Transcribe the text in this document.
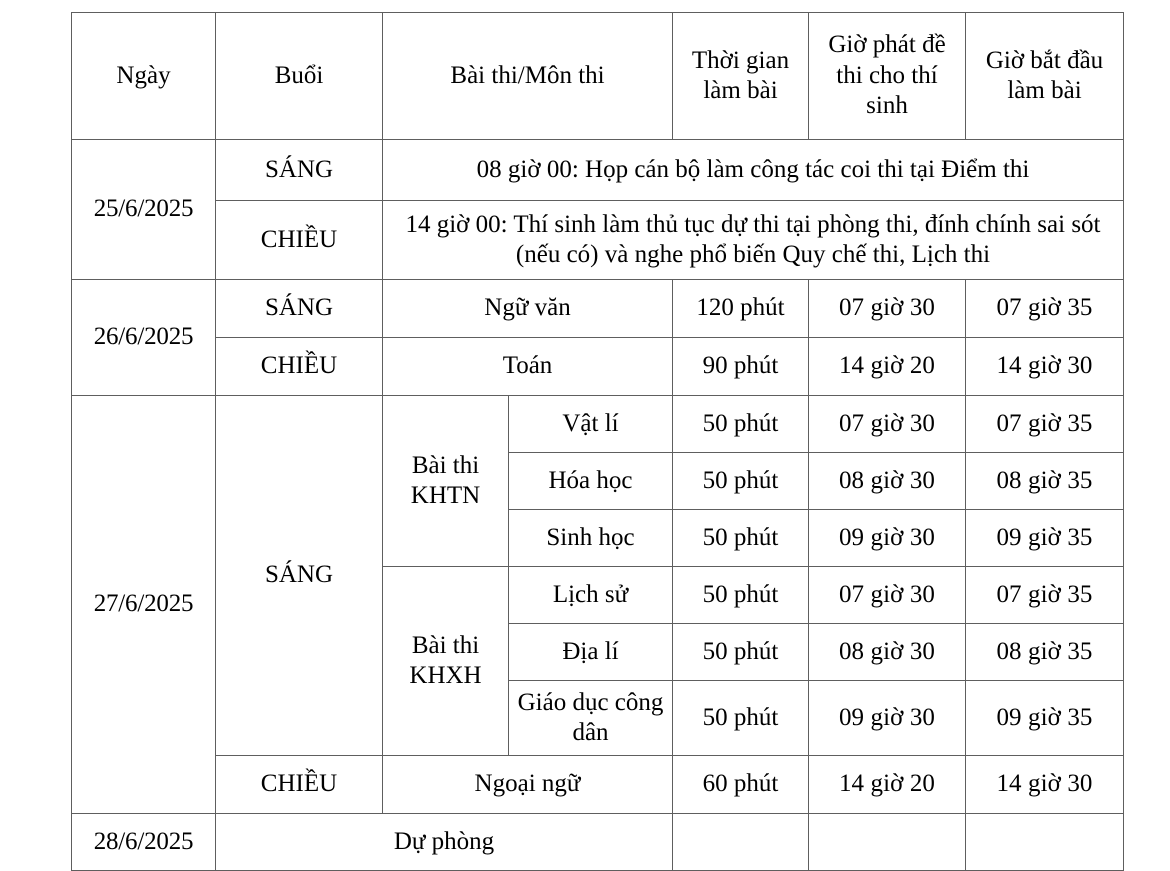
Ngày	Buổi	Bài thi/Môn thi		Thời gian làm bài	Giờ phát đề thi cho thí sinh	Giờ bắt đầu làm bài
25/6/2025	SÁNG	08 giờ 00: Họp cán bộ làm công tác coi thi tại Điểm thi				
	CHIỀU	14 giờ 00: Thí sinh làm thủ tục dự thi tại phòng thi, đính chính sai sót (nếu có) và nghe phổ biến Quy chế thi, Lịch thi				
26/6/2025	SÁNG	Ngữ văn		120 phút	07 giờ 30	07 giờ 35
	CHIỀU	Toán		90 phút	14 giờ 20	14 giờ 30
27/6/2025	SÁNG	Bài thi KHTN	Vật lí	50 phút	07 giờ 30	07 giờ 35
			Hóa học	50 phút	08 giờ 30	08 giờ 35
			Sinh học	50 phút	09 giờ 30	09 giờ 35
		Bài thi KHXH	Lịch sử	50 phút	07 giờ 30	07 giờ 35
			Địa lí	50 phút	08 giờ 30	08 giờ 35
			Giáo dục công dân	50 phút	09 giờ 30	09 giờ 35
	CHIỀU	Ngoại ngữ		60 phút	14 giờ 20	14 giờ 30
28/6/2025	Dự phòng					
